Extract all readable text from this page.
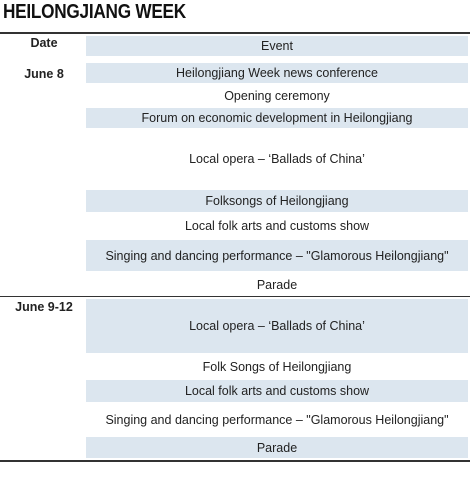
HEILONGJIANG WEEK
Date	Event
June 8	Heilongjiang Week news conference
Opening ceremony
Forum on economic development in Heilongjiang
Local opera – ‘Ballads of China’
Folksongs of Heilongjiang
Local folk arts and customs show
Singing and dancing performance – "Glamorous Heilongjiang"
Parade
June 9-12
Local opera – ‘Ballads of China’
Folk Songs of Heilongjiang
Local folk arts and customs show
Singing and dancing performance – "Glamorous Heilongjiang"
Parade
